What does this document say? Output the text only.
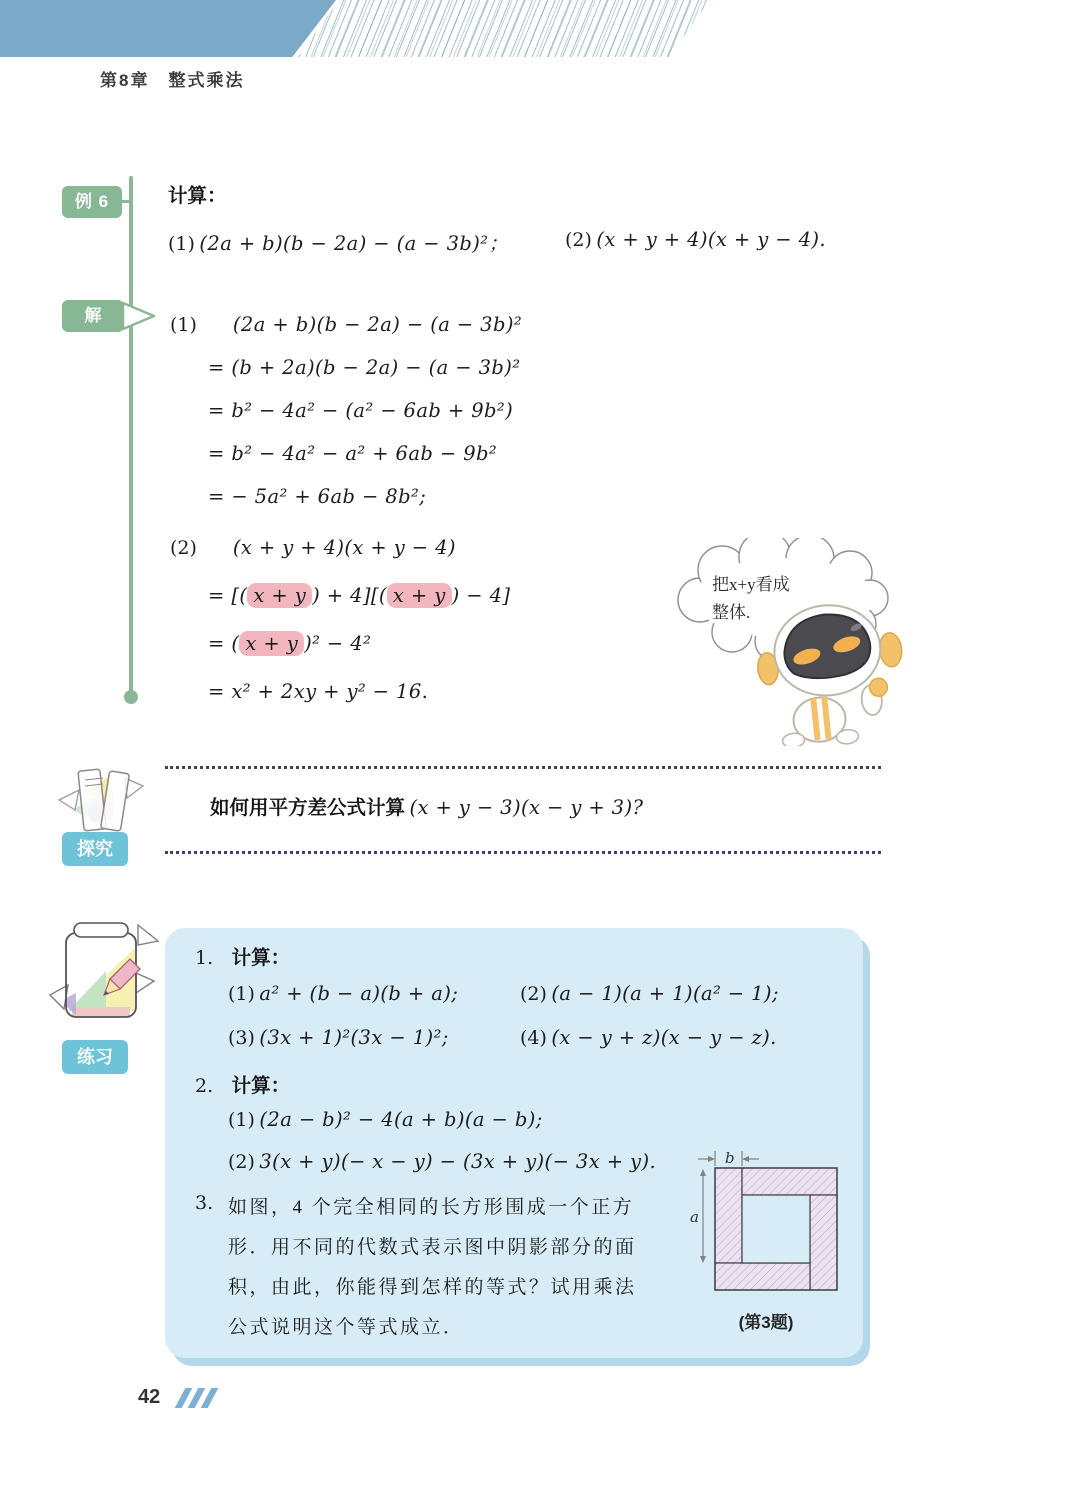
第8章　整式乘法
例 6	计算：
(1) (2a + b)(b − 2a) − (a − 3b)²；	(2) (x + y + 4)(x + y − 4).
解	(1) (2a + b)(b − 2a) − (a − 3b)²
= (b + 2a)(b − 2a) − (a − 3b)²
= b² − 4a² − (a² − 6ab + 9b²)
= b² − 4a² − a² + 6ab − 9b²
= − 5a² + 6ab − 8b²;
(2) (x + y + 4)(x + y − 4)
= [( x + y ) + 4][( x + y ) − 4]
= ( x + y )² − 4²
= x² + 2xy + y² − 16.
把x+y看成
整体.
探究
如何用平方差公式计算 (x + y − 3)(x − y + 3)?
练习
1. 计算：
(1) a² + (b − a)(b + a);	(2) (a − 1)(a + 1)(a² − 1);
(3) (3x + 1)²(3x − 1)²;	(4) (x − y + z)(x − y − z).
2. 计算：
(1) (2a − b)² − 4(a + b)(a − b);
(2) 3(x + y)(− x − y) − (3x + y)(− 3x + y).
3. 如图，4 个完全相同的长方形围成一个正方
形．用不同的代数式表示图中阴影部分的面
积，由此，你能得到怎样的等式？试用乘法
公式说明这个等式成立．
b
a
(第3题)
42
